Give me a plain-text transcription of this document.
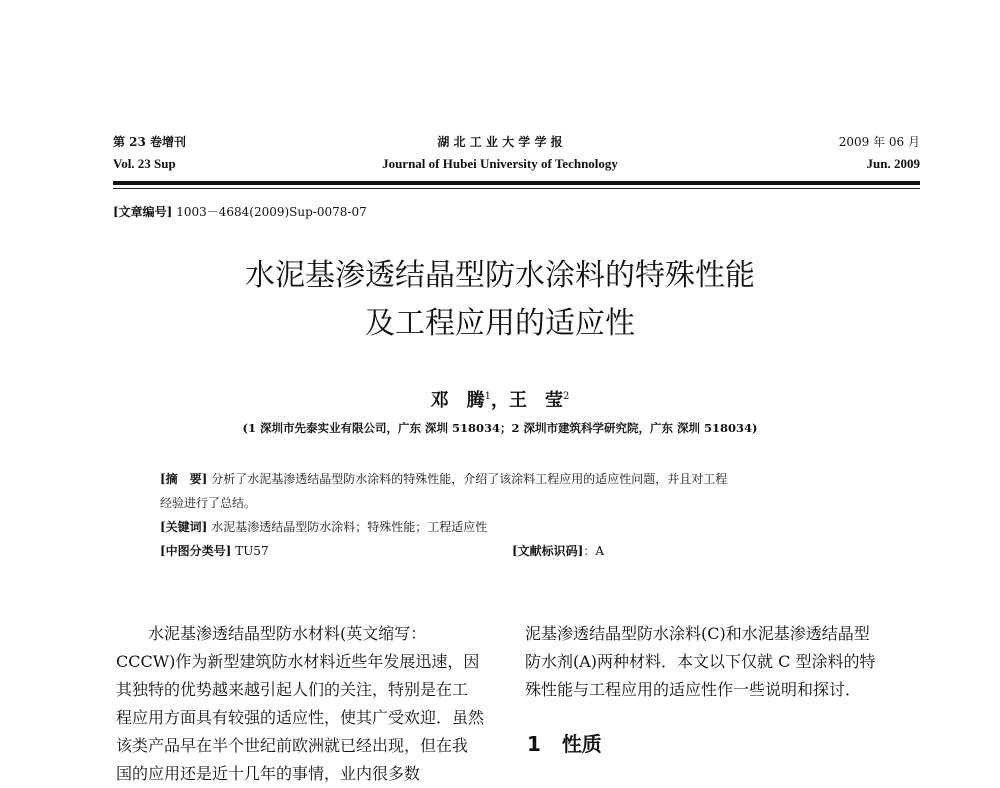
第 23 卷增刊
Vol. 23 Sup
湖 北 工 业 大 学 学 报
Journal of Hubei University of Technology
2009 年 06 月
Jun. 2009
[文章编号] 1003－4684(2009)Sup-0078-07
水泥基渗透结晶型防水涂料的特殊性能
及工程应用的适应性
邓　腾$^1$，王　莹$^2$
(1 深圳市先泰实业有限公司，广东 深圳 518034；2 深圳市建筑科学研究院，广东 深圳 518034)
[摘　要] 分析了水泥基渗透结晶型防水涂料的特殊性能，介绍了该涂料工程应用的适应性问题，并且对工程
经验进行了总结。
[关键词] 水泥基渗透结晶型防水涂料；特殊性能；工程适应性
[中图分类号] TU57	[文献标识码]：A
　　水泥基渗透结晶型防水材料(英文缩写：
CCCW)作为新型建筑防水材料近些年发展迅速，因
其独特的优势越来越引起人们的关注，特别是在工
程应用方面具有较强的适应性，使其广受欢迎．虽然
该类产品早在半个世纪前欧洲就已经出现，但在我
国的应用还是近十几年的事情，业内很多数
泥基渗透结晶型防水涂料(C)和水泥基渗透结晶型
防水剂(A)两种材料．本文以下仅就 C 型涂料的特
殊性能与工程应用的适应性作一些说明和探讨．
1 性质
